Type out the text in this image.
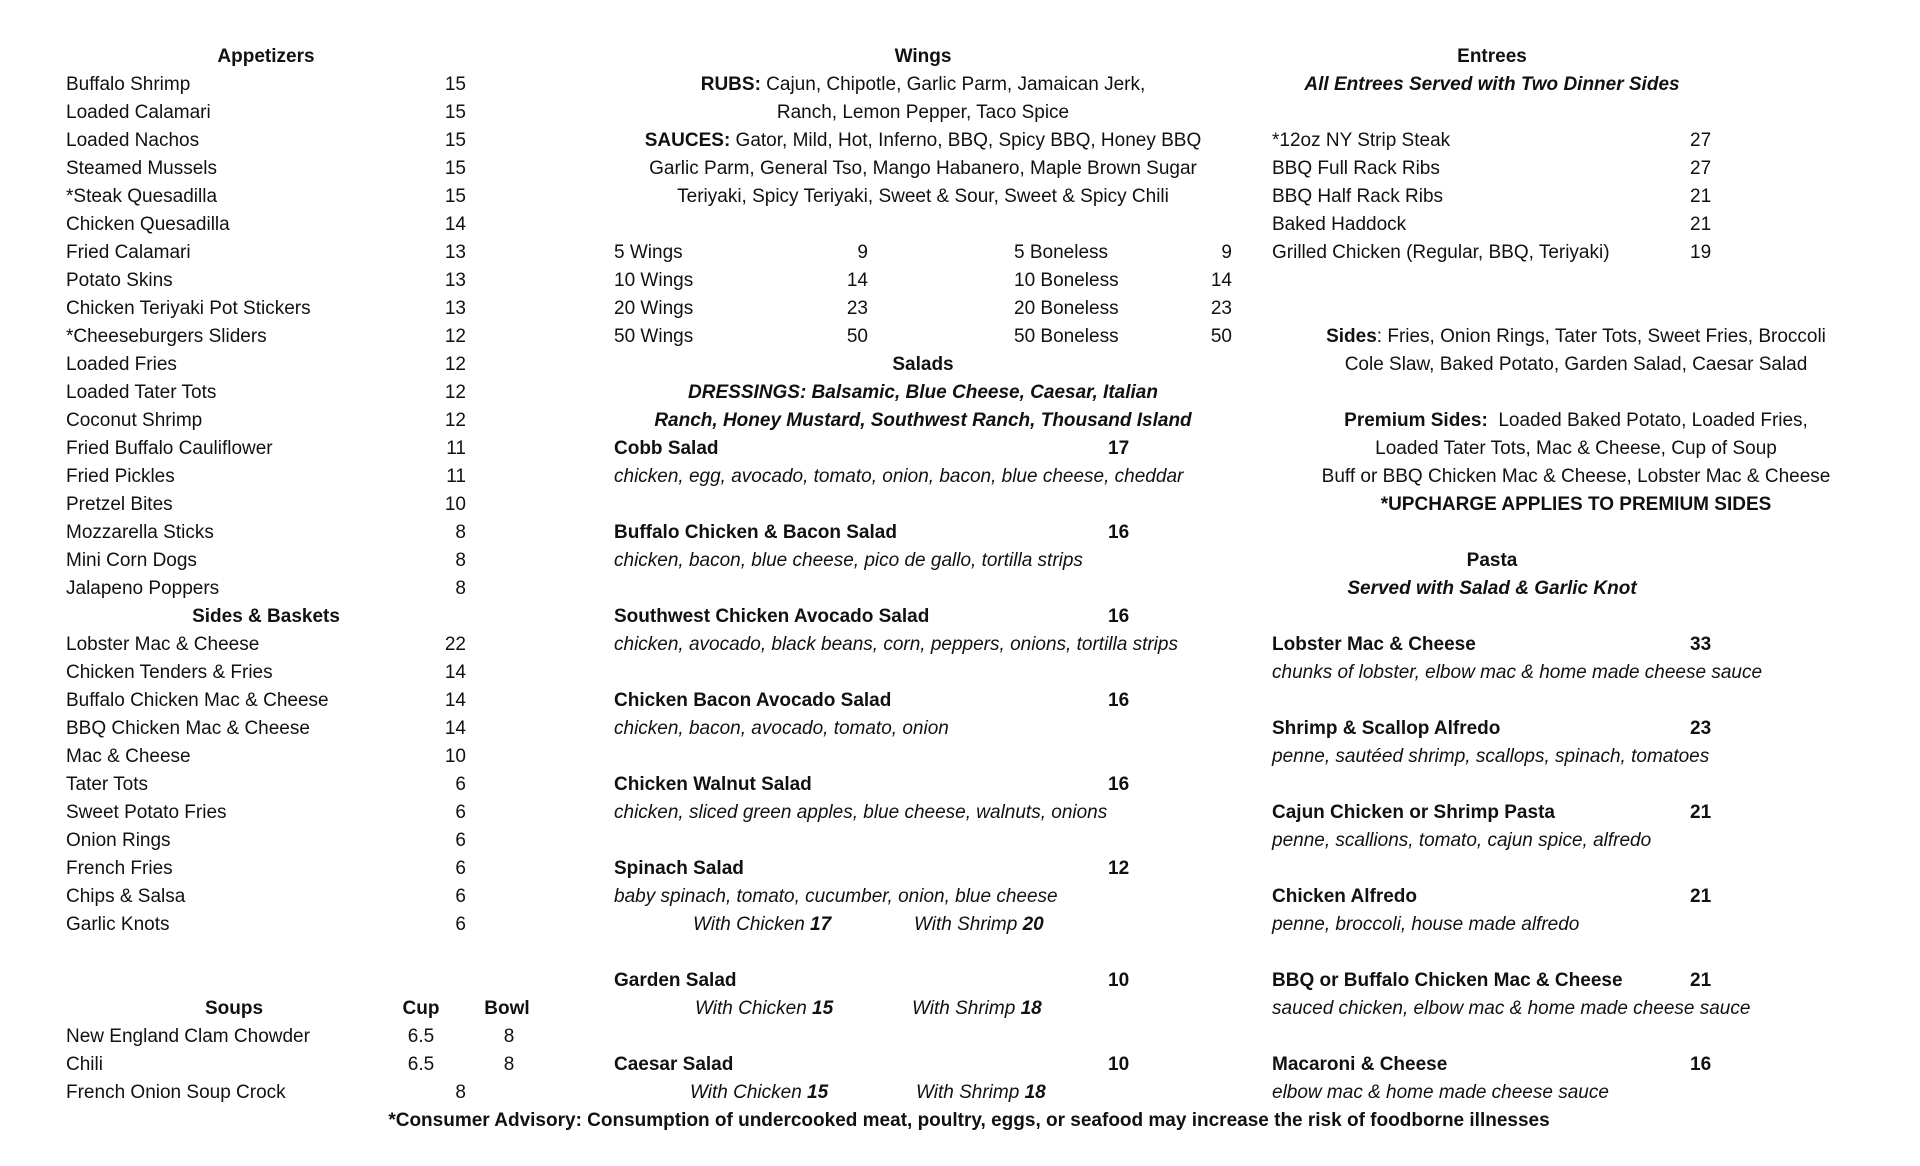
Appetizers
Buffalo Shrimp	15
Loaded Calamari	15
Loaded Nachos	15
Steamed Mussels	15
*Steak Quesadilla	15
Chicken Quesadilla	14
Fried Calamari	13
Potato Skins	13
Chicken Teriyaki Pot Stickers	13
*Cheeseburgers Sliders	12
Loaded Fries	12
Loaded Tater Tots	12
Coconut Shrimp	12
Fried Buffalo Cauliflower	11
Fried Pickles	11
Pretzel Bites	10
Mozzarella Sticks	8
Mini Corn Dogs	8
Jalapeno Poppers	8
Sides & Baskets
Lobster Mac & Cheese	22
Chicken Tenders & Fries	14
Buffalo Chicken Mac & Cheese	14
BBQ Chicken Mac & Cheese	14
Mac & Cheese	10
Tater Tots	6
Sweet Potato Fries	6
Onion Rings	6
French Fries	6
Chips & Salsa	6
Garlic Knots	6
Soups	Cup Bowl
New England Clam Chowder	6.5	8
Chili	6.5	8
French Onion Soup Crock	8
Wings
RUBS: Cajun, Chipotle, Garlic Parm, Jamaican Jerk,
Ranch, Lemon Pepper, Taco Spice
SAUCES: Gator, Mild, Hot, Inferno, BBQ, Spicy BBQ, Honey BBQ
Garlic Parm, General Tso, Mango Habanero, Maple Brown Sugar
Teriyaki, Spicy Teriyaki, Sweet & Sour, Sweet & Spicy Chili
5 Wings	9	5 Boneless	9
10 Wings	14	10 Boneless	14
20 Wings	23	20 Boneless	23
50 Wings	50	50 Boneless	50
Salads
DRESSINGS: Balsamic, Blue Cheese, Caesar, Italian
Ranch, Honey Mustard, Southwest Ranch, Thousand Island
Cobb Salad	17
chicken, egg, avocado, tomato, onion, bacon, blue cheese, cheddar
Buffalo Chicken & Bacon Salad	16
chicken, bacon, blue cheese, pico de gallo, tortilla strips
Southwest Chicken Avocado Salad	16
chicken, avocado, black beans, corn, peppers, onions, tortilla strips
Chicken Bacon Avocado Salad	16
chicken, bacon, avocado, tomato, onion
Chicken Walnut Salad	16
chicken, sliced green apples, blue cheese, walnuts, onions
Spinach Salad	12
baby spinach, tomato, cucumber, onion, blue cheese
With Chicken 17	With Shrimp 20
Garden Salad	10
With Chicken 15	With Shrimp 18
Caesar Salad	10
With Chicken 15	With Shrimp 18
Entrees
All Entrees Served with Two Dinner Sides
*12oz NY Strip Steak	27
BBQ Full Rack Ribs	27
BBQ Half Rack Ribs	21
Baked Haddock	21
Grilled Chicken (Regular, BBQ, Teriyaki)	19
Sides: Fries, Onion Rings, Tater Tots, Sweet Fries, Broccoli
Cole Slaw, Baked Potato, Garden Salad, Caesar Salad
Premium Sides:  Loaded Baked Potato, Loaded Fries,
Loaded Tater Tots, Mac & Cheese, Cup of Soup
Buff or BBQ Chicken Mac & Cheese, Lobster Mac & Cheese
*UPCHARGE APPLIES TO PREMIUM SIDES
Pasta
Served with Salad & Garlic Knot
Lobster Mac & Cheese	33
chunks of lobster, elbow mac & home made cheese sauce
Shrimp & Scallop Alfredo	23
penne, sautéed shrimp, scallops, spinach, tomatoes
Cajun Chicken or Shrimp Pasta	21
penne, scallions, tomato, cajun spice, alfredo
Chicken Alfredo	21
penne, broccoli, house made alfredo
BBQ or Buffalo Chicken Mac & Cheese	21
sauced chicken, elbow mac & home made cheese sauce
Macaroni & Cheese	16
elbow mac & home made cheese sauce
*Consumer Advisory: Consumption of undercooked meat, poultry, eggs, or seafood may increase the risk of foodborne illnesses
